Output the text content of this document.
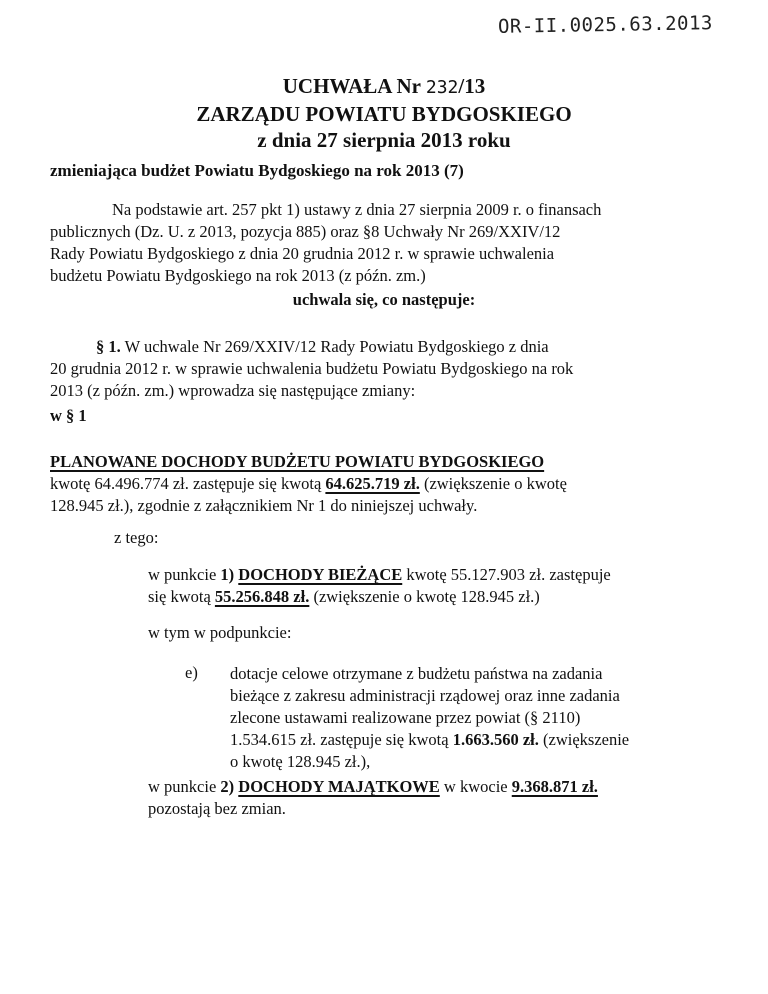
OR-II.0025.63.2013
UCHWAŁA Nr 232/13
ZARZĄDU POWIATU BYDGOSKIEGO
z dnia 27 sierpnia 2013 roku
zmieniająca budżet Powiatu Bydgoskiego na rok 2013 (7)
Na podstawie art. 257 pkt 1) ustawy z dnia 27 sierpnia 2009 r. o finansach
publicznych (Dz. U. z 2013, pozycja 885) oraz §8 Uchwały Nr 269/XXIV/12
Rady Powiatu Bydgoskiego z dnia 20 grudnia 2012 r. w sprawie uchwalenia
budżetu Powiatu Bydgoskiego na rok 2013 (z późn. zm.)
uchwala się, co następuje:
§ 1. W uchwale Nr 269/XXIV/12 Rady Powiatu Bydgoskiego z dnia
20 grudnia 2012 r. w sprawie uchwalenia budżetu Powiatu Bydgoskiego na rok
2013 (z późn. zm.) wprowadza się następujące zmiany:
w § 1
PLANOWANE DOCHODY BUDŻETU POWIATU BYDGOSKIEGO
kwotę 64.496.774 zł. zastępuje się kwotą 64.625.719 zł. (zwiększenie o kwotę
128.945 zł.), zgodnie z załącznikiem Nr 1 do niniejszej uchwały.
z tego:
w punkcie 1) DOCHODY BIEŻĄCE kwotę 55.127.903 zł. zastępuje
się kwotą 55.256.848 zł. (zwiększenie o kwotę 128.945 zł.)
w tym w podpunkcie:
e) dotacje celowe otrzymane z budżetu państwa na zadania
bieżące z zakresu administracji rządowej oraz inne zadania
zlecone ustawami realizowane przez powiat (§ 2110)
1.534.615 zł. zastępuje się kwotą 1.663.560 zł. (zwiększenie
o kwotę 128.945 zł.),
w punkcie 2) DOCHODY MAJĄTKOWE w kwocie 9.368.871 zł.
pozostają bez zmian.
